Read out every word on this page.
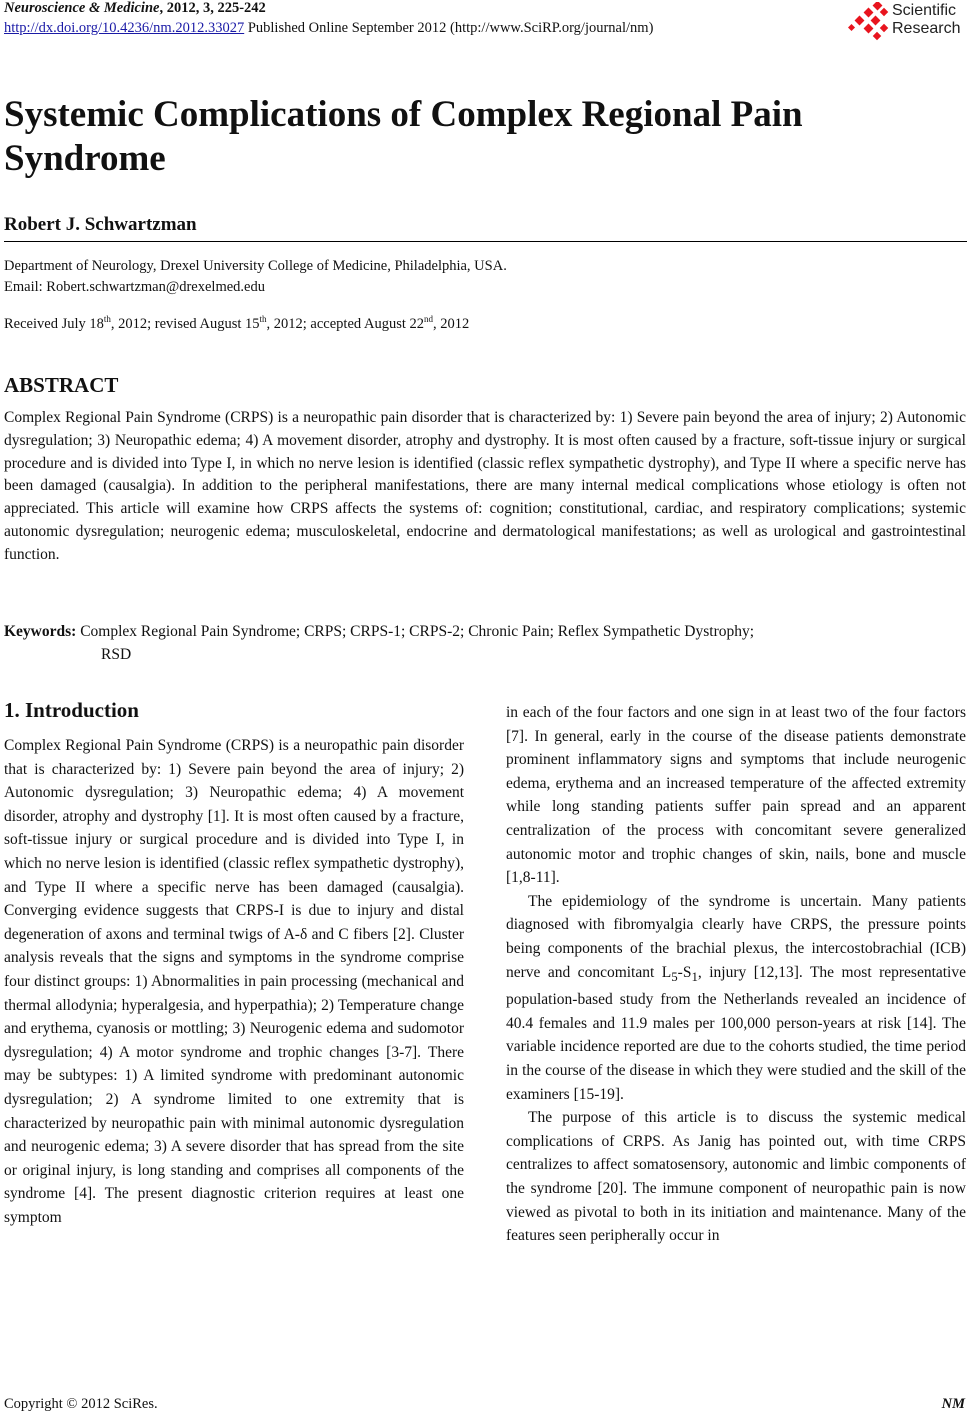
Neuroscience & Medicine, 2012, 3, 225-242
http://dx.doi.org/10.4236/nm.2012.33027 Published Online September 2012 (http://www.SciRP.org/journal/nm)
Scientific
Research
Systemic Complications of Complex Regional Pain Syndrome
Robert J. Schwartzman
Department of Neurology, Drexel University College of Medicine, Philadelphia, USA.
Email: Robert.schwartzman@drexelmed.edu
Received July 18th, 2012; revised August 15th, 2012; accepted August 22nd, 2012
ABSTRACT

Complex Regional Pain Syndrome (CRPS) is a neuropathic pain disorder that is characterized by: 1) Severe pain beyond the area of injury; 2) Autonomic dysregulation; 3) Neuropathic edema; 4) A movement disorder, atrophy and dystrophy. It is most often caused by a fracture, soft-tissue injury or surgical procedure and is divided into Type I, in which no nerve lesion is identified (classic reflex sympathetic dystrophy), and Type II where a specific nerve has been damaged (causalgia). In addition to the peripheral manifestations, there are many internal medical complications whose etiology is often not appreciated. This article will examine how CRPS affects the systems of: cognition; constitutional, cardiac, and respiratory complications; systemic autonomic dysregulation; neurogenic edema; musculoskeletal, endocrine and dermatological manifestations; as well as urological and gastrointestinal function.

Keywords: Complex Regional Pain Syndrome; CRPS; CRPS-1; CRPS-2; Chronic Pain; Reflex Sympathetic Dystrophy;
RSD
1. Introduction

Complex Regional Pain Syndrome (CRPS) is a neuropathic pain disorder that is characterized by: 1) Severe pain beyond the area of injury; 2) Autonomic dysregulation; 3) Neuropathic edema; 4) A movement disorder, atrophy and dystrophy [1]. It is most often caused by a fracture, soft-tissue injury or surgical procedure and is divided into Type I, in which no nerve lesion is identified (classic reflex sympathetic dystrophy), and Type II where a specific nerve has been damaged (causalgia). Converging evidence suggests that CRPS-I is due to injury and distal degeneration of axons and terminal twigs of A-δ and C fibers [2]. Cluster analysis reveals that the signs and symptoms in the syndrome comprise four distinct groups: 1) Abnormalities in pain processing (mechanical and thermal allodynia; hyperalgesia, and hyperpathia); 2) Temperature change and erythema, cyanosis or mottling; 3) Neurogenic edema and sudomotor dysregulation; 4) A motor syndrome and trophic changes [3-7]. There may be subtypes: 1) A limited syndrome with predominant autonomic dysregulation; 2) A syndrome limited to one extremity that is characterized by neuropathic pain with minimal autonomic dysregulation and neurogenic edema; 3) A severe disorder that has spread from the site or original injury, is long standing and comprises all components of the syndrome [4]. The present diagnostic criterion requires at least one symptom

in each of the four factors and one sign in at least two of the four factors [7]. In general, early in the course of the disease patients demonstrate prominent inflammatory signs and symptoms that include neurogenic edema, erythema and an increased temperature of the affected extremity while long standing patients suffer pain spread and an apparent centralization of the process with concomitant severe generalized autonomic motor and trophic changes of skin, nails, bone and muscle [1,8-11].

The epidemiology of the syndrome is uncertain. Many patients diagnosed with fibromyalgia clearly have CRPS, the pressure points being components of the brachial plexus, the intercostobrachial (ICB) nerve and concomitant $L_5-S_1$, injury [12,13]. The most representative population-based study from the Netherlands revealed an incidence of 40.4 females and 11.9 males per 100,000 person-years at risk [14]. The variable incidence reported are due to the cohorts studied, the time period in the course of the disease in which they were studied and the skill of the examiners [15-19].

The purpose of this article is to discuss the systemic medical complications of CRPS. As Janig has pointed out, with time CRPS centralizes to affect somatosensory, autonomic and limbic components of the syndrome [20]. The immune component of neuropathic pain is now viewed as pivotal to both in its initiation and maintenance. Many of the features seen peripherally occur in

Copyright © 2012 SciRes.	NM
